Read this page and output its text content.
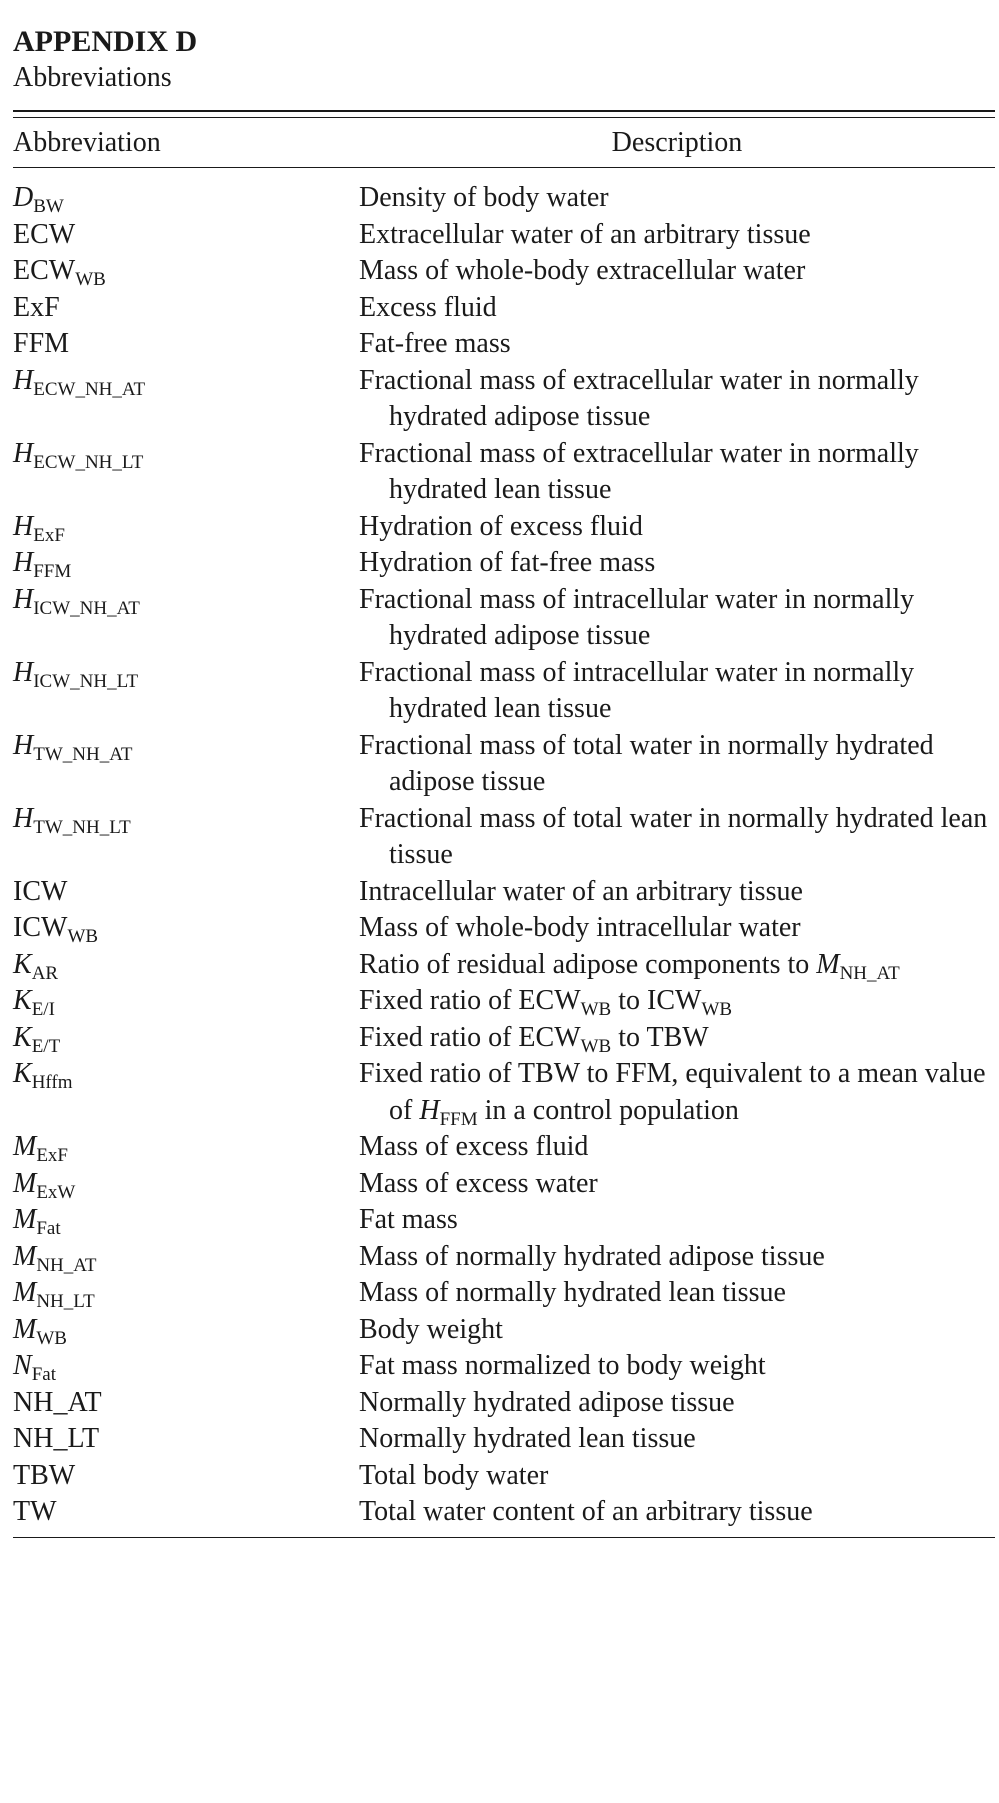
APPENDIX D
Abbreviations
Abbreviation	Description
$D_{BW}$	Density of body water
ECW	Extracellular water of an arbitrary tissue
$ECW_{WB}$	Mass of whole-body extracellular water
ExF	Excess fluid
FFM	Fat-free mass
$H_{ECW\_NH\_AT}$	Fractional mass of extracellular water in normally hydrated adipose tissue
$H_{ECW\_NH\_LT}$	Fractional mass of extracellular water in normally hydrated lean tissue
$H_{ExF}$	Hydration of excess fluid
$H_{FFM}$	Hydration of fat-free mass
$H_{ICW\_NH\_AT}$	Fractional mass of intracellular water in normally hydrated adipose tissue
$H_{ICW\_NH\_LT}$	Fractional mass of intracellular water in normally hydrated lean tissue
$H_{TW\_NH\_AT}$	Fractional mass of total water in normally hydrated adipose tissue
$H_{TW\_NH\_LT}$	Fractional mass of total water in normally hydrated lean tissue
ICW	Intracellular water of an arbitrary tissue
$ICW_{WB}$	Mass of whole-body intracellular water
$K_{AR}$	Ratio of residual adipose components to $M_{NH\_AT}$
$K_{E/I}$	Fixed ratio of $ECW_{WB}$ to $ICW_{WB}$
$K_{E/T}$	Fixed ratio of $ECW_{WB}$ to TBW
$K_{Hffm}$	Fixed ratio of TBW to FFM, equivalent to a mean value of $H_{FFM}$ in a control population
$M_{ExF}$	Mass of excess fluid
$M_{ExW}$	Mass of excess water
$M_{Fat}$	Fat mass
$M_{NH\_AT}$	Mass of normally hydrated adipose tissue
$M_{NH\_LT}$	Mass of normally hydrated lean tissue
$M_{WB}$	Body weight
$N_{Fat}$	Fat mass normalized to body weight
NH_AT	Normally hydrated adipose tissue
NH_LT	Normally hydrated lean tissue
TBW	Total body water
TW	Total water content of an arbitrary tissue
